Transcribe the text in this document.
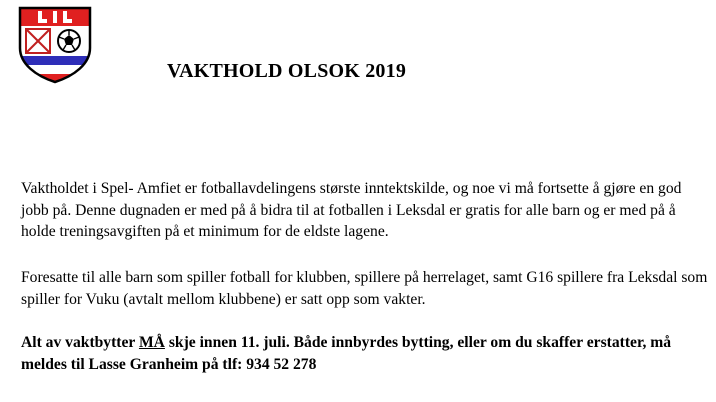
VAKTHOLD OLSOK 2019

Vaktholdet i Spel- Amfiet er fotballavdelingens største inntektskilde, og noe vi må fortsette å gjøre en god jobb på. Denne dugnaden er med på å bidra til at fotballen i Leksdal er gratis for alle barn og er med på å holde treningsavgiften på et minimum for de eldste lagene.

Foresatte til alle barn som spiller fotball for klubben, spillere på herrelaget, samt G16 spillere fra Leksdal som spiller for Vuku (avtalt mellom klubbene) er satt opp som vakter.

Alt av vaktbytter MÅ skje innen 11. juli. Både innbyrdes bytting, eller om du skaffer erstatter, må meldes til Lasse Granheim på tlf: 934 52 278
